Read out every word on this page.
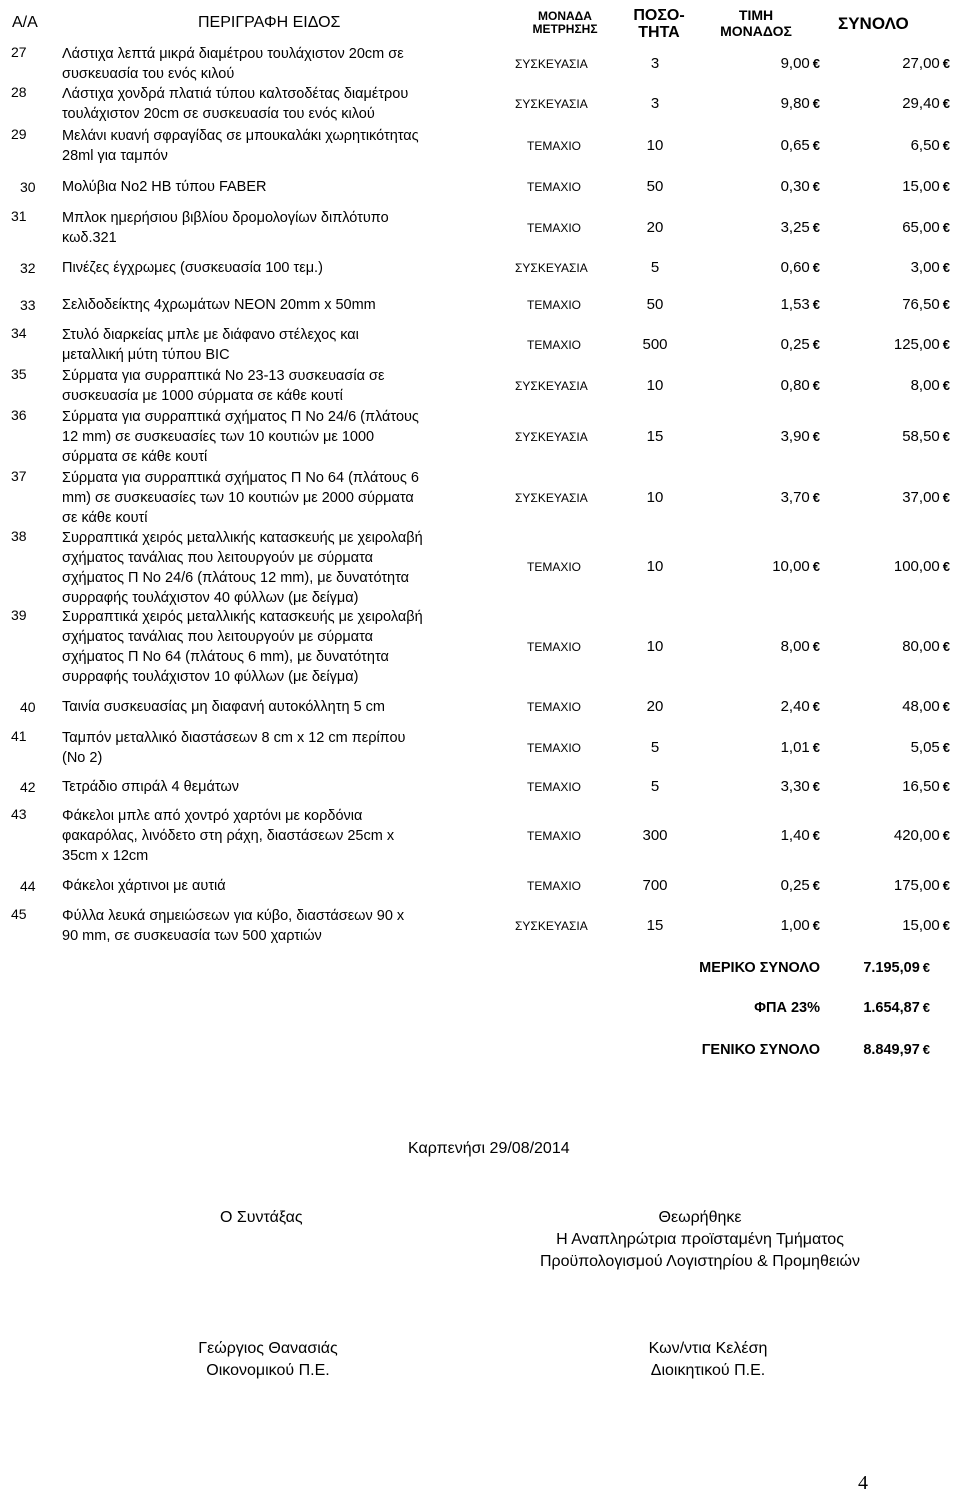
Α/Α	ΠΕΡΙΓΡΑΦΗ ΕΙΔΟΣ	ΜΟΝΑΔΑ ΜΕΤΡΗΣΗΣ
ΠΟΣΟ-ΤΗΤΑ
ΤΙΜΗ ΜΟΝΑΔΟΣ	ΣΥΝΟΛΟ
27 Λάστιχα λεπτά μικρά διαμέτρου τουλάχιστον 20cm σε
συσκευασία του ενός κιλού
ΣΥΣΚΕΥΑΣΙΑ	3	9,00 €	27,00 €
28 Λάστιχα χονδρά πλατιά τύπου καλτσοδέτας διαμέτρου
τουλάχιστον 20cm σε συσκευασία του ενός κιλού
ΣΥΣΚΕΥΑΣΙΑ	3	9,80 €	29,40 €
29 Μελάνι κυανή σφραγίδας σε μπουκαλάκι χωρητικότητας
28ml για ταμπόν
ΤΕΜΑΧΙΟ	10	0,65 €	6,50 €
30 Μολύβια Νο2 HB τύπου FABER	ΤΕΜΑΧΙΟ	50	0,30 €	15,00 €
31 Μπλοκ ημερήσιου βιβλίου δρομολογίων διπλότυπο
κωδ.321
ΤΕΜΑΧΙΟ	20	3,25 €	65,00 €
32 Πινέζες έγχρωμες (συσκευασία 100 τεμ.)	ΣΥΣΚΕΥΑΣΙΑ	5	0,60 €	3,00 €
33 Σελιδοδείκτης 4χρωμάτων NEON 20mm x 50mm	ΤΕΜΑΧΙΟ	50	1,53 €	76,50 €
34 Στυλό διαρκείας μπλε με διάφανο στέλεχος και
μεταλλική μύτη τύπου BIC
ΤΕΜΑΧΙΟ	500	0,25 €	125,00 €
35 Σύρματα για συρραπτικά Νο 23-13 συσκευασία σε
συσκευασία με 1000 σύρματα σε κάθε κουτί
ΣΥΣΚΕΥΑΣΙΑ	10	0,80 €	8,00 €
36 Σύρματα για συρραπτικά σχήματος Π Νο 24/6 (πλάτους
12 mm) σε συσκευασίες των 10 κουτιών με 1000
σύρματα σε κάθε κουτί
ΣΥΣΚΕΥΑΣΙΑ	15	3,90 €	58,50 €
37 Σύρματα για συρραπτικά σχήματος Π Νο 64 (πλάτους 6
mm) σε συσκευασίες των 10 κουτιών με 2000 σύρματα
σε κάθε κουτί
ΣΥΣΚΕΥΑΣΙΑ	10	3,70 €	37,00 €
38 Συρραπτικά χειρός μεταλλικής κατασκευής με χειρολαβή
σχήματος τανάλιας που λειτουργούν με σύρματα
σχήματος Π Νο 24/6 (πλάτους 12 mm), με δυνατότητα
συρραφής τουλάχιστον 40 φύλλων (με δείγμα)
ΤΕΜΑΧΙΟ	10	10,00 €	100,00 €
39 Συρραπτικά χειρός μεταλλικής κατασκευής με χειρολαβή
σχήματος τανάλιας που λειτουργούν με σύρματα
σχήματος Π Νο 64 (πλάτους 6 mm), με δυνατότητα
συρραφής τουλάχιστον 10 φύλλων (με δείγμα)
ΤΕΜΑΧΙΟ	10	8,00 €	80,00 €
40 Ταινία συσκευασίας μη διαφανή αυτοκόλλητη 5 cm	ΤΕΜΑΧΙΟ	20	2,40 €	48,00 €
41 Ταμπόν μεταλλικό διαστάσεων 8 cm x 12 cm περίπου
(No 2)
ΤΕΜΑΧΙΟ	5	1,01 €	5,05 €
42 Τετράδιο σπιράλ 4 θεμάτων	ΤΕΜΑΧΙΟ	5	3,30 €	16,50 €
43 Φάκελοι μπλε από χοντρό χαρτόνι με κορδόνια
φακαρόλας, λινόδετο στη ράχη, διαστάσεων 25cm x
35cm x 12cm
ΤΕΜΑΧΙΟ	300	1,40 €	420,00 €
44 Φάκελοι χάρτινοι με αυτιά	ΤΕΜΑΧΙΟ	700	0,25 €	175,00 €
45 Φύλλα λευκά σημειώσεων για κύβο, διαστάσεων 90 x
90 mm, σε συσκευασία των 500 χαρτιών
ΣΥΣΚΕΥΑΣΙΑ	15	1,00 €	15,00 €
ΜΕΡΙΚΟ ΣΥΝΟΛΟ	7.195,09 €
ΦΠΑ 23%	1.654,87 €
ΓΕΝΙΚΟ ΣΥΝΟΛΟ	8.849,97 €
Καρπενήσι 29/08/2014
Ο Συντάξας	Θεωρήθηκε
Η Αναπληρώτρια προϊσταμένη Τμήματος
Προϋπολογισμού Λογιστηρίου & Προμηθειών
Γεώργιος Θανασιάς
Οικονομικού Π.Ε.
Κων/ντια Κελέση
Διοικητικού Π.Ε.
4
